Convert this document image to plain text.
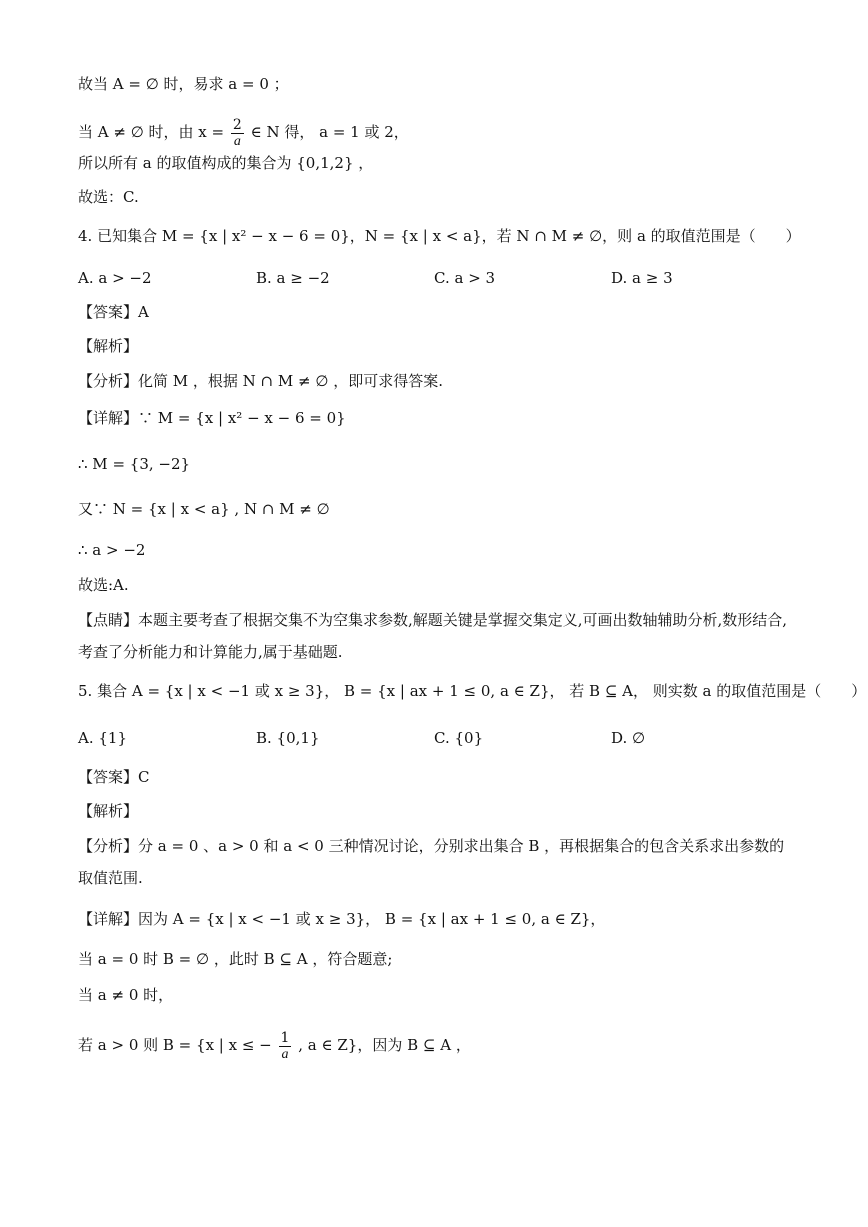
故当 A = ∅ 时，易求 a = 0 ；
当 A ≠ ∅ 时，由 $x = \frac{2}{a}$ ∈ N 得， a = 1 或 2，
所以所有 a 的取值构成的集合为 {0,1,2} ，
故选：C.
4. 已知集合 M = {x | x² − x − 6 = 0}，N = {x | x < a}，若 N ∩ M ≠ ∅，则 a 的取值范围是（　　）
A. a > −2	B. a ≥ −2	C. a > 3	D. a ≥ 3
【答案】A
【解析】
【分析】化简 M ，根据 N ∩ M ≠ ∅ ，即可求得答案.
【详解】∵ M = {x | x² − x − 6 = 0}
∴ M = {3, −2}
又∵ N = {x | x < a} , N ∩ M ≠ ∅
∴ a > −2
故选:A.
【点睛】本题主要考查了根据交集不为空集求参数,解题关键是掌握交集定义,可画出数轴辅助分析,数形结合,考查了分析能力和计算能力,属于基础题.
5. 集合 A = {x | x < −1 或 x ≥ 3}， B = {x | ax + 1 ≤ 0, a ∈ Z}， 若 B ⊆ A， 则实数 a 的取值范围是（　　）
A. {1}	B. {0,1}	C. {0}	D. ∅
【答案】C
【解析】
【分析】分 a = 0 、a > 0 和 a < 0 三种情况讨论，分别求出集合 B ，再根据集合的包含关系求出参数的取值范围.
【详解】因为 A = {x | x < −1 或 x ≥ 3}， B = {x | ax + 1 ≤ 0, a ∈ Z}，
当 a = 0 时 B = ∅ ，此时 B ⊆ A ，符合题意;
当 a ≠ 0 时，
若 a > 0 则 B = {x | x ≤ − $\frac{1}{a}$ , a ∈ Z}，因为 B ⊆ A ，
